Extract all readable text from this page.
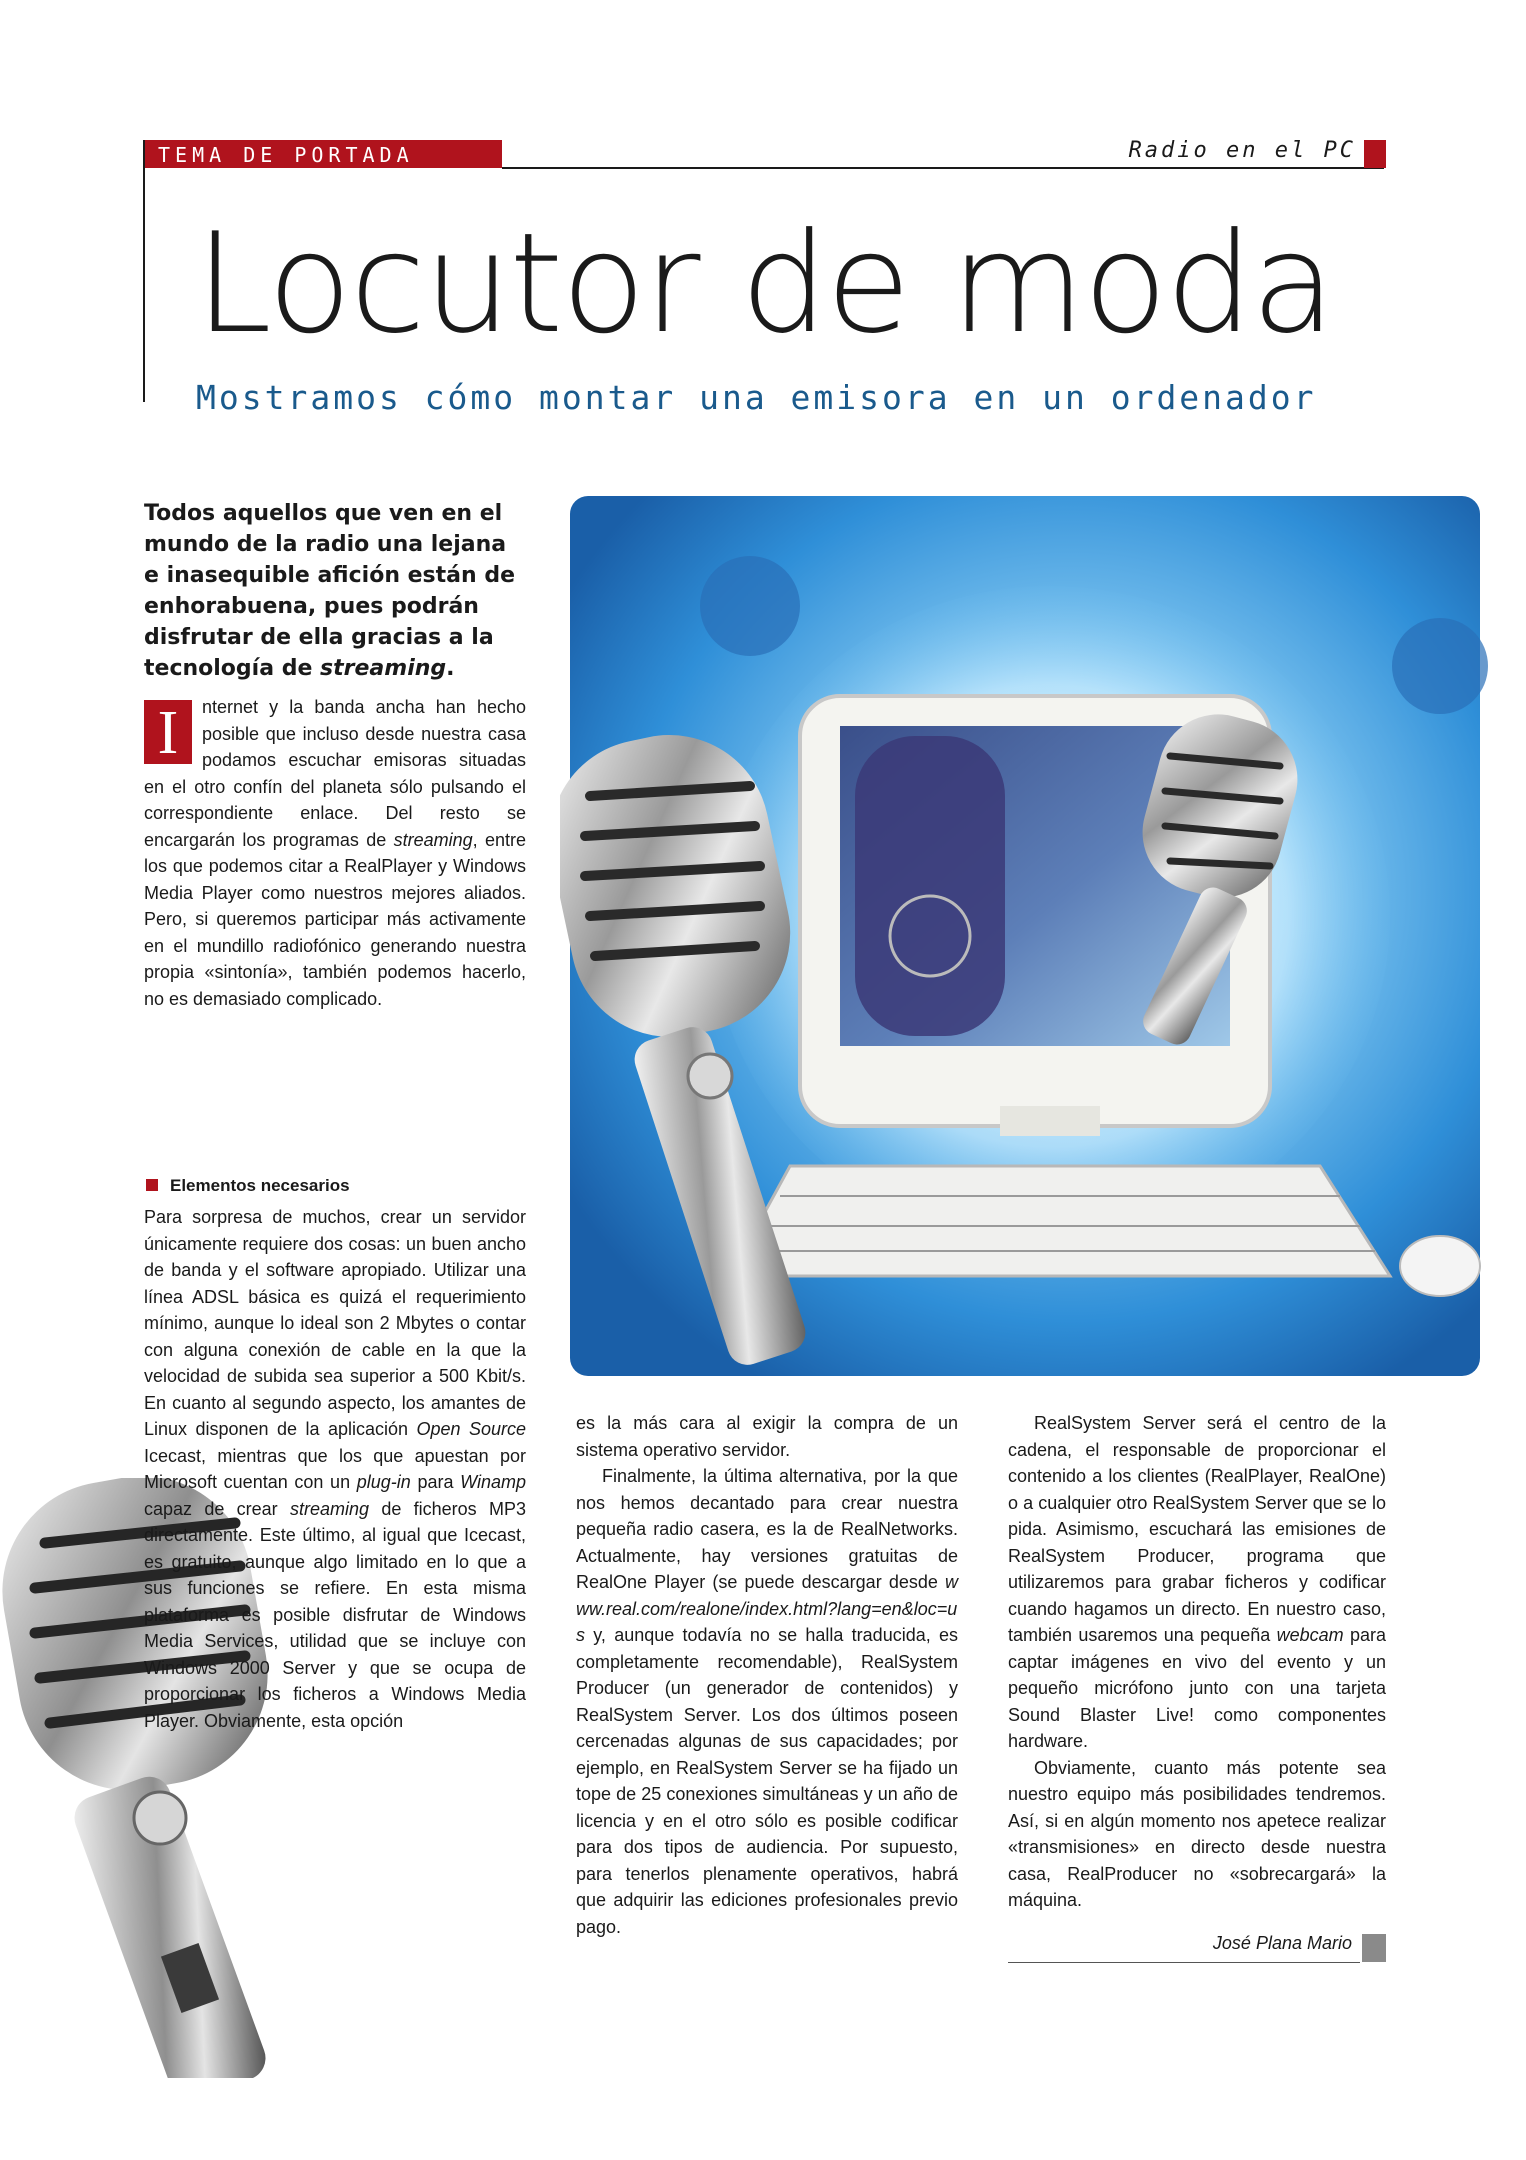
TEMA DE PORTADA	Radio en el PC
Locutor de moda
Mostramos cómo montar una emisora en un ordenador
Todos aquellos que ven en el mundo de la radio una lejana e inasequible afición están de enhorabuena, pues podrán disfrutar de ella gracias a la tecnología de streaming.

I	nternet y la banda ancha han hecho posible que incluso desde nuestra casa podamos escuchar emisoras situadas en el otro confín del planeta sólo pulsando el correspondiente enlace. Del resto se encargarán los programas de streaming, entre los que podemos citar a RealPlayer y Windows Media Player como nuestros mejores aliados. Pero, si queremos participar más activamente en el mundillo radiofónico generando nuestra propia «sintonía», también podemos hacerlo, no es demasiado complicado.

Elementos necesarios

Para sorpresa de muchos, crear un servidor únicamente requiere dos cosas: un buen ancho de banda y el software apropiado. Utilizar una línea ADSL básica es quizá el requerimiento mínimo, aunque lo ideal son 2 Mbytes o contar con alguna conexión de cable en la que la velocidad de subida sea superior a 500 Kbit/s. En cuanto al segundo aspecto, los amantes de Linux disponen de la aplicación Open Source Icecast, mientras que los que apuestan por Microsoft cuentan con un plug-in para Winamp capaz de crear streaming de ficheros MP3 directamente. Este último, al igual que Icecast, es gratuito, aunque algo limitado en lo que a sus funciones se refiere. En esta misma plataforma es posible disfrutar de Windows Media Services, utilidad que se incluye con Windows 2000 Server y que se ocupa de proporcionar los ficheros a Windows Media Player. Obviamente, esta opción

es la más cara al exigir la compra de un sistema operativo servidor.

Finalmente, la última alternativa, por la que nos hemos decantado para crear nuestra pequeña radio casera, es la de RealNetworks. Actualmente, hay versiones gratuitas de RealOne Player (se puede descargar desde www.real.com/realone/index.html?lang=en&loc=us y, aunque todavía no se halla traducida, es completamente recomendable), RealSystem Producer (un generador de contenidos) y RealSystem Server. Los dos últimos poseen cercenadas algunas de sus capacidades; por ejemplo, en RealSystem Server se ha fijado un tope de 25 conexiones simultáneas y un año de licencia y en el otro sólo es posible codificar para dos tipos de audiencia. Por supuesto, para tenerlos plenamente operativos, habrá que adquirir las ediciones profesionales previo pago.

RealSystem Server será el centro de la cadena, el responsable de proporcionar el contenido a los clientes (RealPlayer, RealOne) o a cualquier otro RealSystem Server que se lo pida. Asimismo, escuchará las emisiones de RealSystem Producer, programa que utilizaremos para grabar ficheros y codificar cuando hagamos un directo. En nuestro caso, también usaremos una pequeña webcam para captar imágenes en vivo del evento y un pequeño micrófono junto con una tarjeta Sound Blaster Live! como componentes hardware.

Obviamente, cuanto más potente sea nuestro equipo más posibilidades tendremos. Así, si en algún momento nos apetece realizar «transmisiones» en directo desde nuestra casa, RealProducer no «sobrecargará» la máquina.

José Plana Mario
